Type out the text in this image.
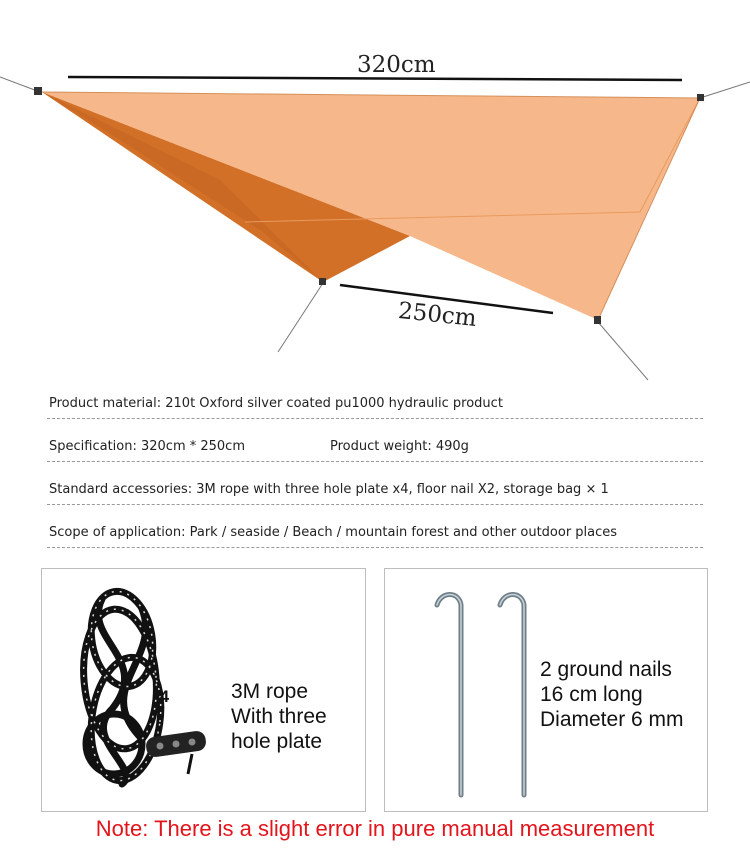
320cm
250cm
Product material: 210t Oxford silver coated pu1000 hydraulic product
Specification: 320cm * 250cm	Product weight: 490g
Standard accessories: 3M rope with three hole plate x4, floor nail X2, storage bag × 1
Scope of application: Park / seaside / Beach / mountain forest and other outdoor places
*4	3M rope
With three
hole plate
2 ground nails
16 cm long
Diameter 6 mm
Note: There is a slight error in pure manual measurement
